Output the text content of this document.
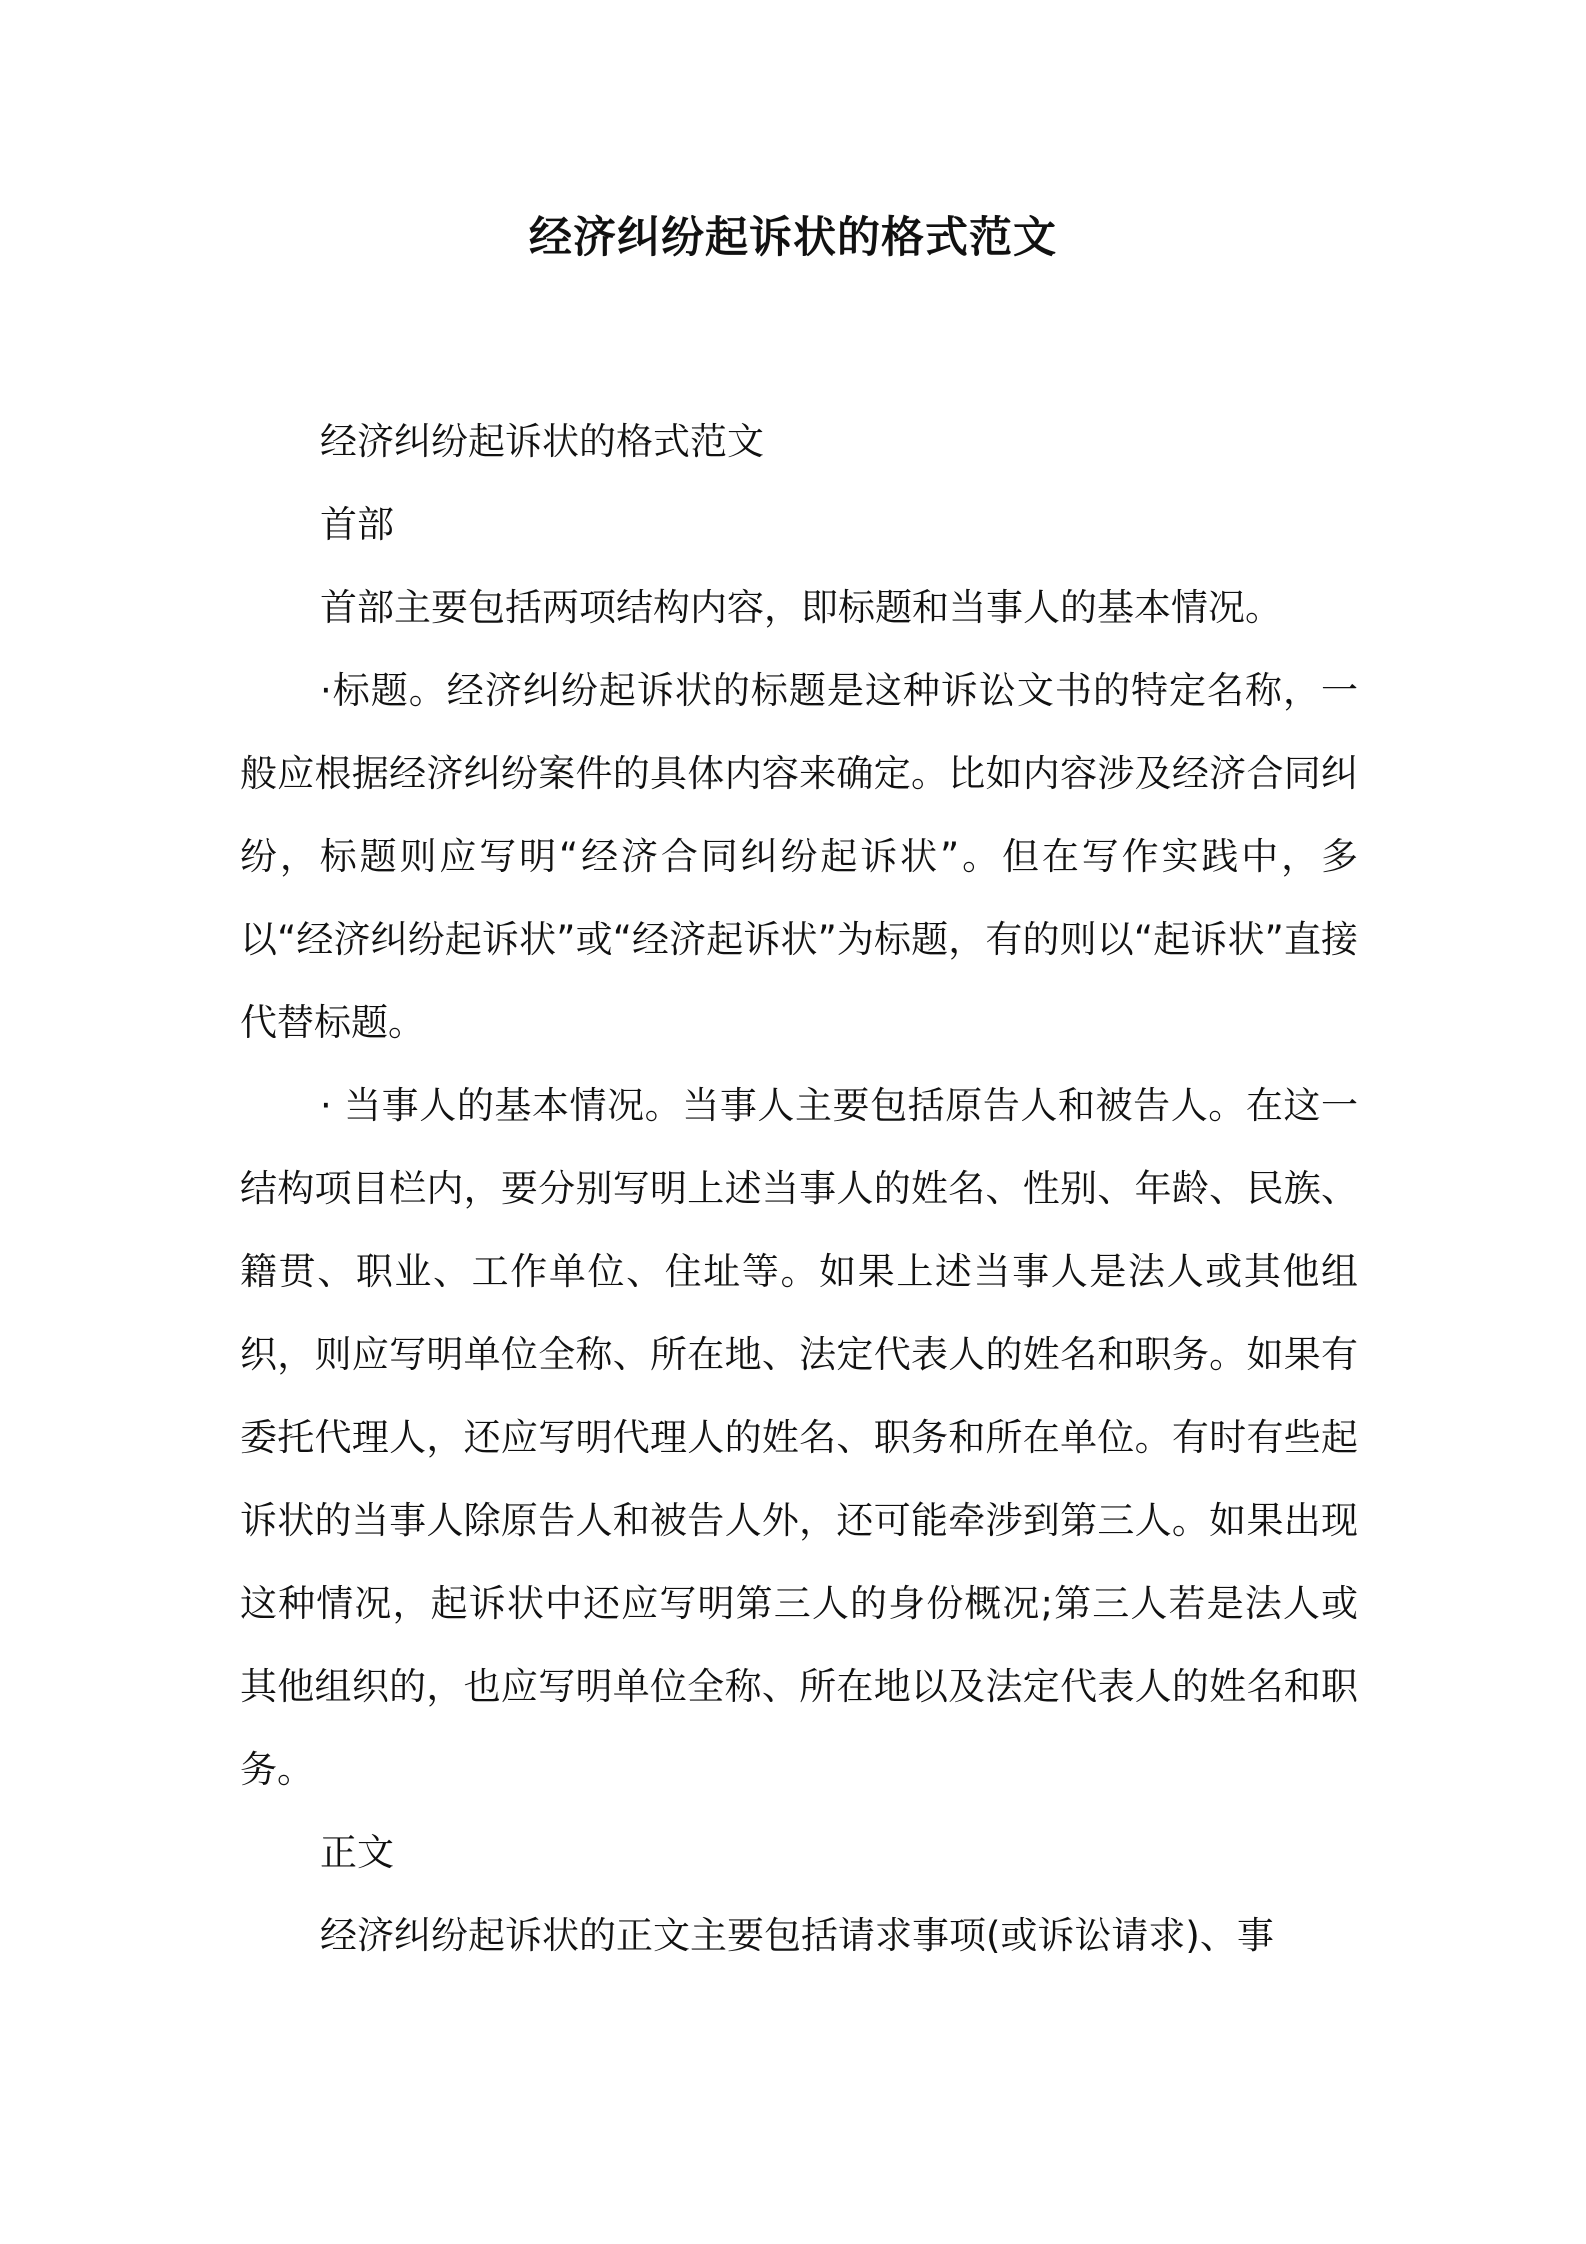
经济纠纷起诉状的格式范文

经济纠纷起诉状的格式范文

首部

首部主要包括两项结构内容，即标题和当事人的基本情况。

·标题。经济纠纷起诉状的标题是这种诉讼文书的特定名称，一般应根据经济纠纷案件的具体内容来确定。比如内容涉及经济合同纠纷，标题则应写明“经济合同纠纷起诉状”。但在写作实践中，多以“经济纠纷起诉状”或“经济起诉状”为标题，有的则以“起诉状”直接代替标题。

· 当事人的基本情况。当事人主要包括原告人和被告人。在这一结构项目栏内，要分别写明上述当事人的姓名、性别、年龄、民族、籍贯、职业、工作单位、住址等。如果上述当事人是法人或其他组织，则应写明单位全称、所在地、法定代表人的姓名和职务。如果有委托代理人，还应写明代理人的姓名、职务和所在单位。有时有些起诉状的当事人除原告人和被告人外，还可能牵涉到第三人。如果出现这种情况，起诉状中还应写明第三人的身份概况;第三人若是法人或其他组织的，也应写明单位全称、所在地以及法定代表人的姓名和职务。

正文

经济纠纷起诉状的正文主要包括请求事项(或诉讼请求)、事
